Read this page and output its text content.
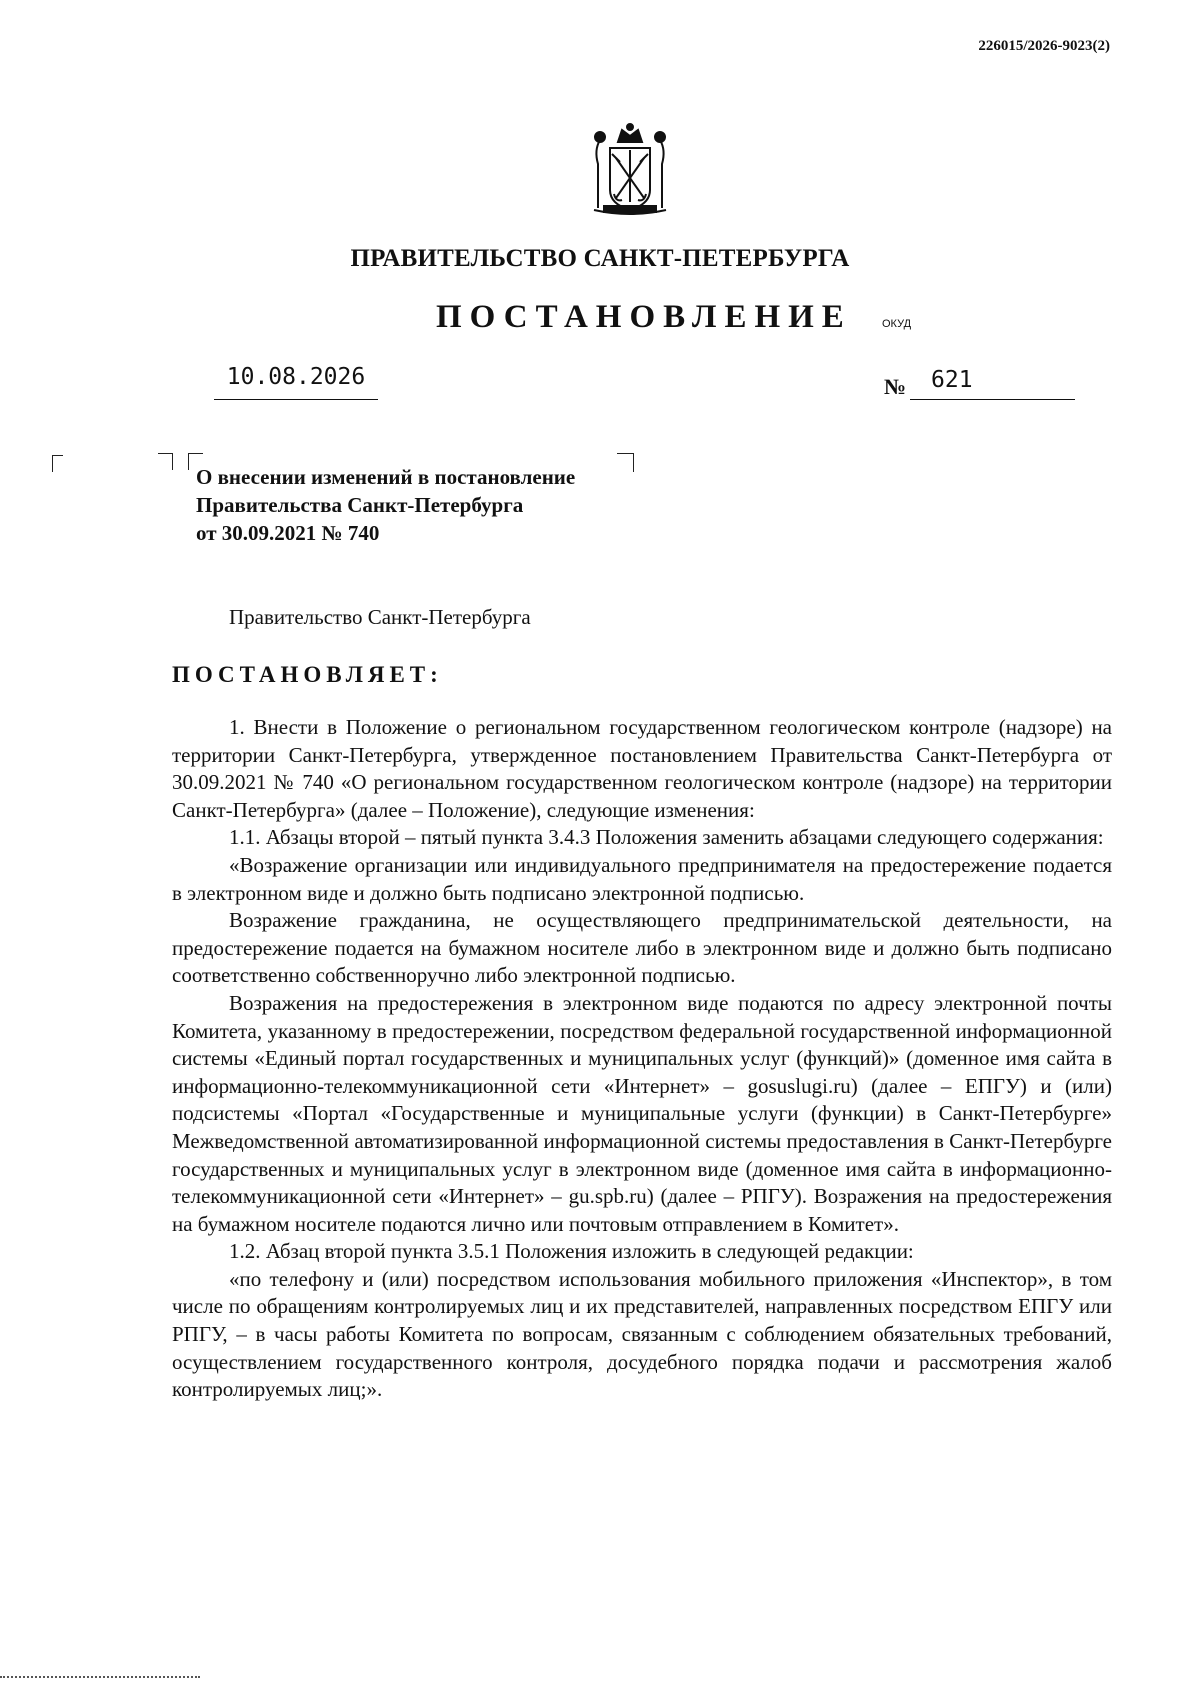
226015/2026-9023(2)
ПРАВИТЕЛЬСТВО САНКТ-ПЕТЕРБУРГА
ПОСТАНОВЛЕНИЕ	ОКУД
10.08.2026	№ 621
О внесении изменений в постановление
Правительства Санкт-Петербурга
от 30.09.2021 № 740
Правительство Санкт-Петербурга
ПОСТАНОВЛЯЕТ:

1. Внести в Положение о региональном государственном геологическом контроле (надзоре) на территории Санкт-Петербурга, утвержденное постановлением Правительства Санкт-Петербурга от 30.09.2021 № 740 «О региональном государственном геологическом контроле (надзоре) на территории Санкт-Петербурга» (далее – Положение), следующие изменения:

1.1. Абзацы второй – пятый пункта 3.4.3 Положения заменить абзацами следующего содержания:

«Возражение организации или индивидуального предпринимателя на предостережение подается в электронном виде и должно быть подписано электронной подписью.

Возражение гражданина, не осуществляющего предпринимательской деятельности, на предостережение подается на бумажном носителе либо в электронном виде и должно быть подписано соответственно собственноручно либо электронной подписью.

Возражения на предостережения в электронном виде подаются по адресу электронной почты Комитета, указанному в предостережении, посредством федеральной государственной информационной системы «Единый портал государственных и муниципальных услуг (функций)» (доменное имя сайта в информационно-телекоммуникационной сети «Интернет» – gosuslugi.ru) (далее – ЕПГУ) и (или) подсистемы «Портал «Государственные и муниципальные услуги (функции) в Санкт-Петербурге» Межведомственной автоматизированной информационной системы предоставления в Санкт-Петербурге государственных и муниципальных услуг в электронном виде (доменное имя сайта в информационно-телекоммуникационной сети «Интернет» – gu.spb.ru) (далее – РПГУ). Возражения на предостережения на бумажном носителе подаются лично или почтовым отправлением в Комитет».

1.2. Абзац второй пункта 3.5.1 Положения изложить в следующей редакции:

«по телефону и (или) посредством использования мобильного приложения «Инспектор», в том числе по обращениям контролируемых лиц и их представителей, направленных посредством ЕПГУ или РПГУ, – в часы работы Комитета по вопросам, связанным с соблюдением обязательных требований, осуществлением государственного контроля, досудебного порядка подачи и рассмотрения жалоб контролируемых лиц;».
